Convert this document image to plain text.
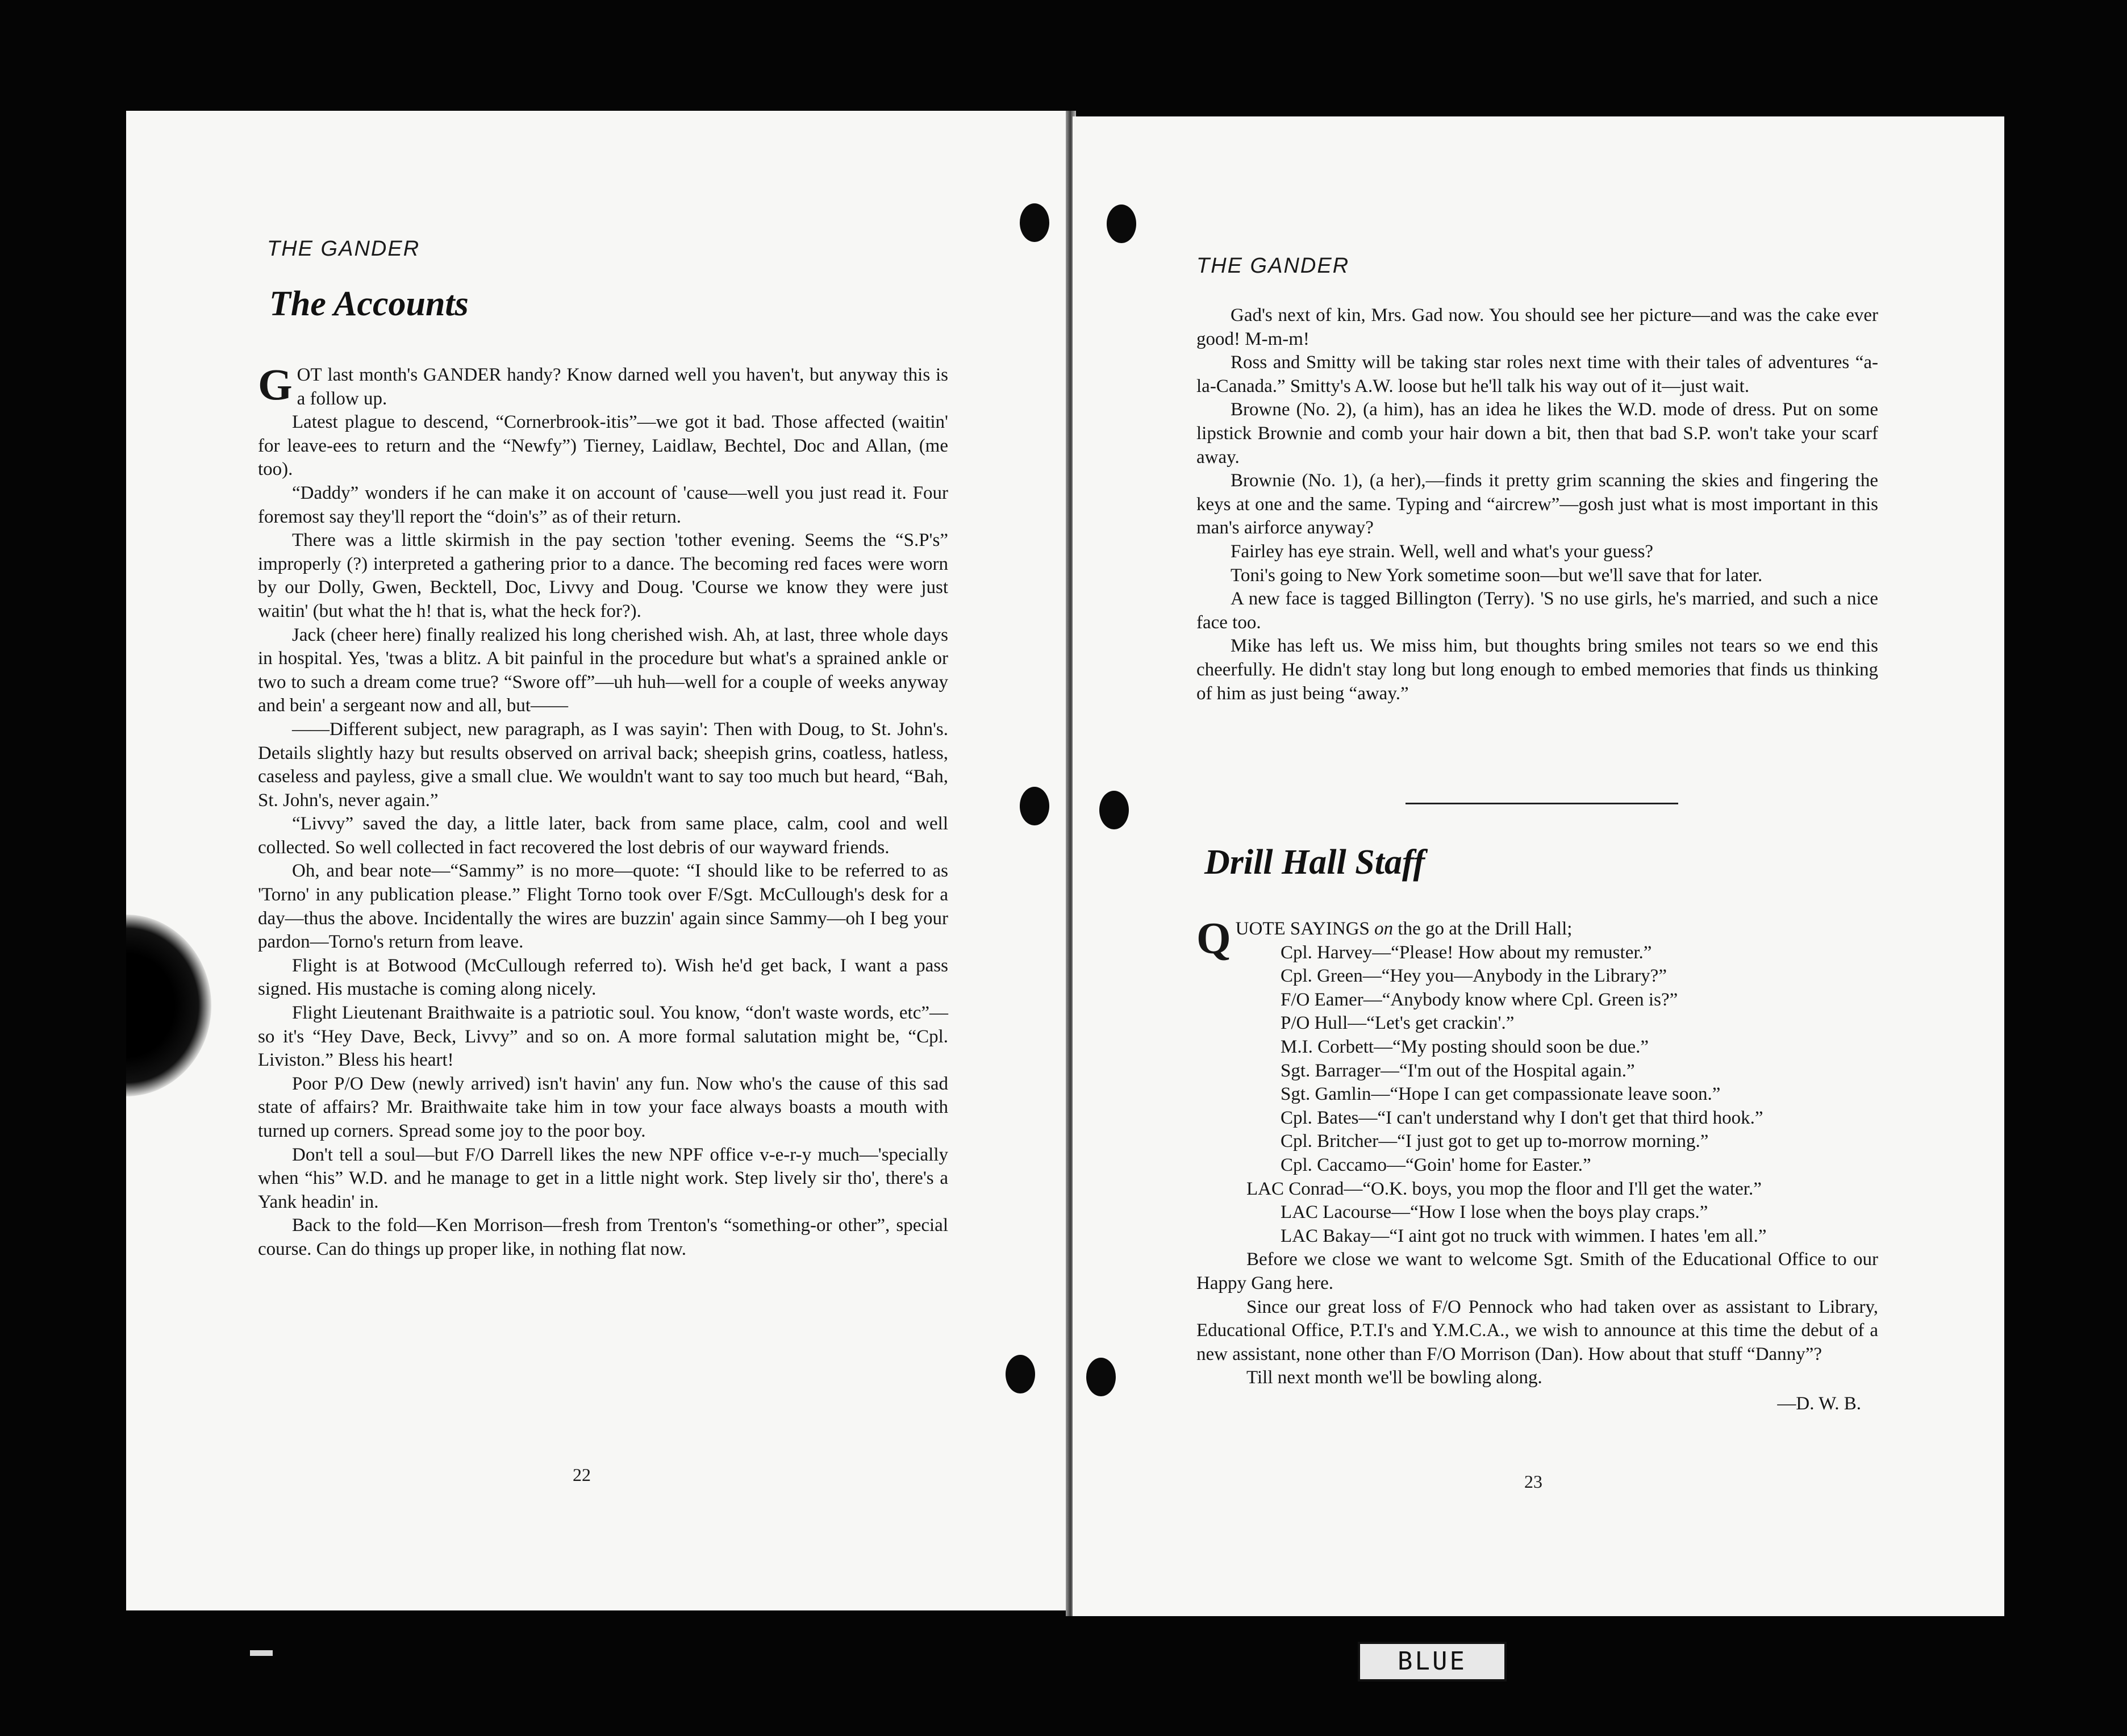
THE GANDER
The Accounts

GOT last month's GANDER handy? Know darned well you haven't, but anyway this is a follow up.

Latest plague to descend, “Cornerbrook-itis”—we got it bad. Those affected (waitin' for leave-ees to return and the “Newfy”) Tierney, Laidlaw, Bechtel, Doc and Allan, (me too).

“Daddy” wonders if he can make it on account of 'cause—well you just read it. Four foremost say they'll report the “doin's” as of their return.

There was a little skirmish in the pay section 'tother evening. Seems the “S.P's” improperly (?) interpreted a gathering prior to a dance. The becoming red faces were worn by our Dolly, Gwen, Becktell, Doc, Livvy and Doug. 'Course we know they were just waitin' (but what the h! that is, what the heck for?).

Jack (cheer here) finally realized his long cherished wish. Ah, at last, three whole days in hospital. Yes, 'twas a blitz. A bit painful in the procedure but what's a sprained ankle or two to such a dream come true? “Swore off”—uh huh—well for a couple of weeks anyway and bein' a sergeant now and all, but——

——Different subject, new paragraph, as I was sayin': Then with Doug, to St. John's. Details slightly hazy but results observed on arrival back; sheepish grins, coatless, hatless, caseless and payless, give a small clue. We wouldn't want to say too much but heard, “Bah, St. John's, never again.”

“Livvy” saved the day, a little later, back from same place, calm, cool and well collected. So well collected in fact recovered the lost debris of our wayward friends.

Oh, and bear note—“Sammy” is no more—quote: “I should like to be referred to as 'Torno' in any publication please.” Flight Torno took over F/Sgt. McCullough's desk for a day—thus the above. Incidentally the wires are buzzin' again since Sammy—oh I beg your pardon—Torno's return from leave.

Flight is at Botwood (McCullough referred to). Wish he'd get back, I want a pass signed. His mustache is coming along nicely.

Flight Lieutenant Braithwaite is a patriotic soul. You know, “don't waste words, etc”—so it's “Hey Dave, Beck, Livvy” and so on. A more formal salutation might be, “Cpl. Liviston.” Bless his heart!

Poor P/O Dew (newly arrived) isn't havin' any fun. Now who's the cause of this sad state of affairs? Mr. Braithwaite take him in tow your face always boasts a mouth with turned up corners. Spread some joy to the poor boy.

Don't tell a soul—but F/O Darrell likes the new NPF office v-e-r-y much—'specially when “his” W.D. and he manage to get in a little night work. Step lively sir tho', there's a Yank headin' in.

Back to the fold—Ken Morrison—fresh from Trenton's “something-or other”, special course. Can do things up proper like, in nothing flat now.

22
THE GANDER

Gad's next of kin, Mrs. Gad now. You should see her picture—and was the cake ever good! M-m-m!

Ross and Smitty will be taking star roles next time with their tales of adventures “a-la-Canada.” Smitty's A.W. loose but he'll talk his way out of it—just wait.

Browne (No. 2), (a him), has an idea he likes the W.D. mode of dress. Put on some lipstick Brownie and comb your hair down a bit, then that bad S.P. won't take your scarf away.

Brownie (No. 1), (a her),—finds it pretty grim scanning the skies and fingering the keys at one and the same. Typing and “aircrew”—gosh just what is most important in this man's airforce anyway?

Fairley has eye strain. Well, well and what's your guess?

Toni's going to New York sometime soon—but we'll save that for later.

A new face is tagged Billington (Terry). 'S no use girls, he's married, and such a nice face too.

Mike has left us. We miss him, but thoughts bring smiles not tears so we end this cheerfully. He didn't stay long but long enough to embed memories that finds us thinking of him as just being “away.”

Drill Hall Staff

QUOTE SAYINGS on the go at the Drill Hall;

Cpl. Harvey—“Please! How about my remuster.”

Cpl. Green—“Hey you—Anybody in the Library?”

F/O Eamer—“Anybody know where Cpl. Green is?”

P/O Hull—“Let's get crackin'.”

M.I. Corbett—“My posting should soon be due.”

Sgt. Barrager—“I'm out of the Hospital again.”

Sgt. Gamlin—“Hope I can get compassionate leave soon.”

Cpl. Bates—“I can't understand why I don't get that third hook.”

Cpl. Britcher—“I just got to get up to-morrow morning.”

Cpl. Caccamo—“Goin' home for Easter.”

LAC Conrad—“O.K. boys, you mop the floor and I'll get the water.”

LAC Lacourse—“How I lose when the boys play craps.”

LAC Bakay—“I aint got no truck with wimmen. I hates 'em all.”

Before we close we want to welcome Sgt. Smith of the Educational Office to our Happy Gang here.

Since our great loss of F/O Pennock who had taken over as assistant to Library, Educational Office, P.T.I's and Y.M.C.A., we wish to announce at this time the debut of a new assistant, none other than F/O Morrison (Dan). How about that stuff “Danny”?

Till next month we'll be bowling along.

—D. W. B.
23
BLUE
